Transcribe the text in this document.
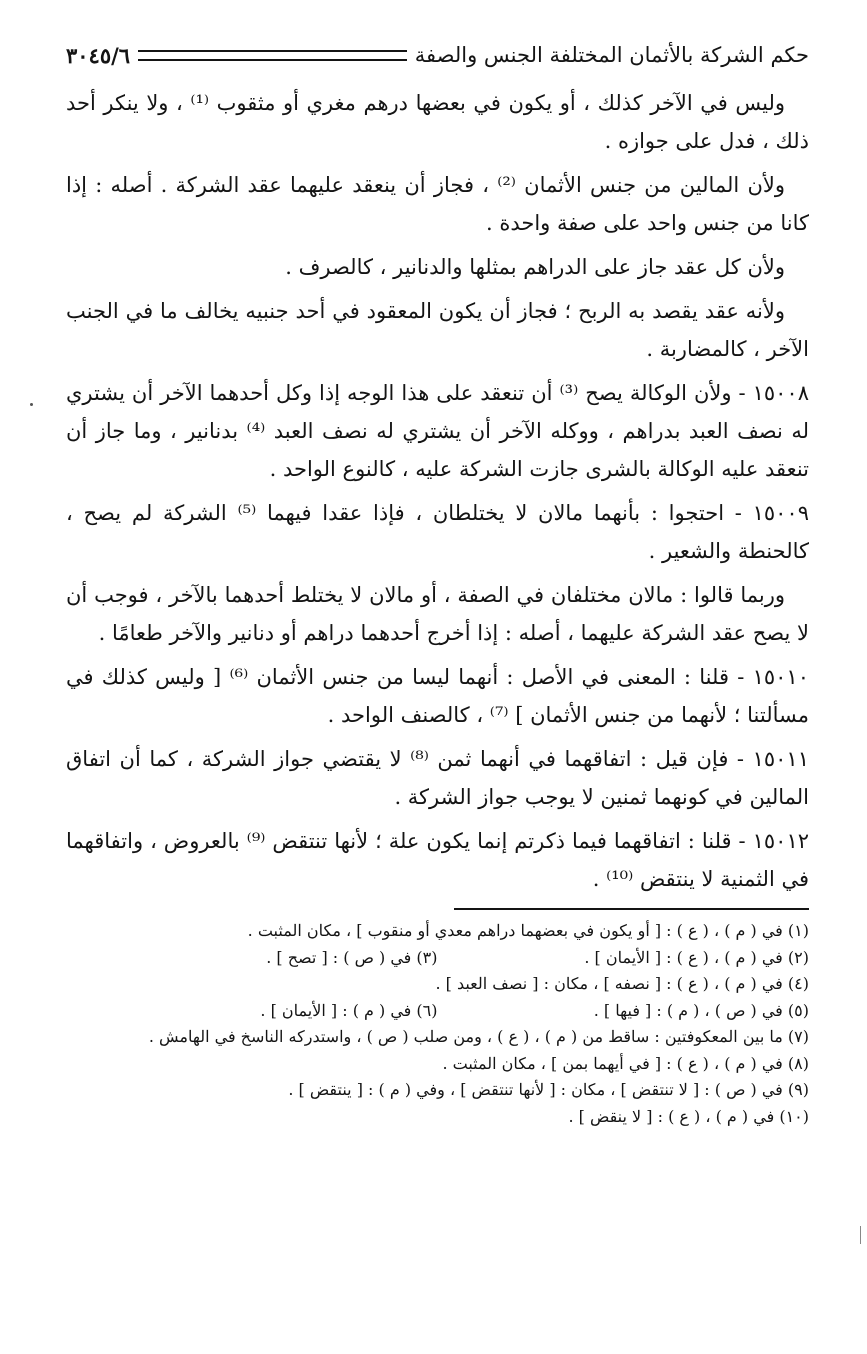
حكم الشركة بالأثمان المختلفة الجنس والصفة
٣٠٤٥/٦

وليس في الآخر كذلك ، أو يكون في بعضها درهم مغري أو مثقوب ⁽¹⁾ ، ولا ينكر أحد ذلك ، فدل على جوازه .

ولأن المالين من جنس الأثمان ⁽²⁾ ، فجاز أن ينعقد عليهما عقد الشركة . أصله : إذا كانا من جنس واحد على صفة واحدة .

ولأن كل عقد جاز على الدراهم بمثلها والدنانير ، كالصرف .

ولأنه عقد يقصد به الربح ؛ فجاز أن يكون المعقود في أحد جنبيه يخالف ما في الجنب الآخر ، كالمضاربة .

١٥٠٠٨ - ولأن الوكالة يصح ⁽³⁾ أن تنعقد على هذا الوجه إذا وكل أحدهما الآخر أن يشتري له نصف العبد بدراهم ، ووكله الآخر أن يشتري له نصف العبد ⁽⁴⁾ بدنانير ، وما جاز أن تنعقد عليه الوكالة بالشرى جازت الشركة عليه ، كالنوع الواحد .

١٥٠٠٩ - احتجوا : بأنهما مالان لا يختلطان ، فإذا عقدا فيهما ⁽⁵⁾ الشركة لم يصح ، كالحنطة والشعير .

وربما قالوا : مالان مختلفان في الصفة ، أو مالان لا يختلط أحدهما بالآخر ، فوجب أن لا يصح عقد الشركة عليهما ، أصله : إذا أخرج أحدهما دراهم أو دنانير والآخر طعامًا .

١٥٠١٠ - قلنا : المعنى في الأصل : أنهما ليسا من جنس الأثمان ⁽⁶⁾ [ وليس كذلك في مسألتنا ؛ لأنهما من جنس الأثمان ] ⁽⁷⁾ ، كالصنف الواحد .

١٥٠١١ - فإن قيل : اتفاقهما في أنهما ثمن ⁽⁸⁾ لا يقتضي جواز الشركة ، كما أن اتفاق المالين في كونهما ثمنين لا يوجب جواز الشركة .

١٥٠١٢ - قلنا : اتفاقهما فيما ذكرتم إنما يكون علة ؛ لأنها تنتقض ⁽⁹⁾ بالعروض ، واتفاقهما في الثمنية لا ينتقض ⁽¹⁰⁾ .

(١) في ( م ) ، ( ع ) : [ أو يكون في بعضهما دراهم معدي أو منقوب ] ، مكان المثبت .

(٢) في ( م ) ، ( ع ) : [ الأيمان ] .

(٣) في ( ص ) : [ تصح ] .

(٤) في ( م ) ، ( ع ) : [ نصفه ] ، مكان : [ نصف العبد ] .

(٥) في ( ص ) ، ( م ) : [ فيها ] .

(٦) في ( م ) : [ الأيمان ] .

(٧) ما بين المعكوفتين : ساقط من ( م ) ، ( ع ) ، ومن صلب ( ص ) ، واستدركه الناسخ في الهامش .

(٨) في ( م ) ، ( ع ) : [ في أيهما بمن ] ، مكان المثبت .

(٩) في ( ص ) : [ لا تنتقض ] ، مكان : [ لأنها تنتقض ] ، وفي ( م ) : [ ينتقض ] .

(١٠) في ( م ) ، ( ع ) : [ لا ينقض ] .
